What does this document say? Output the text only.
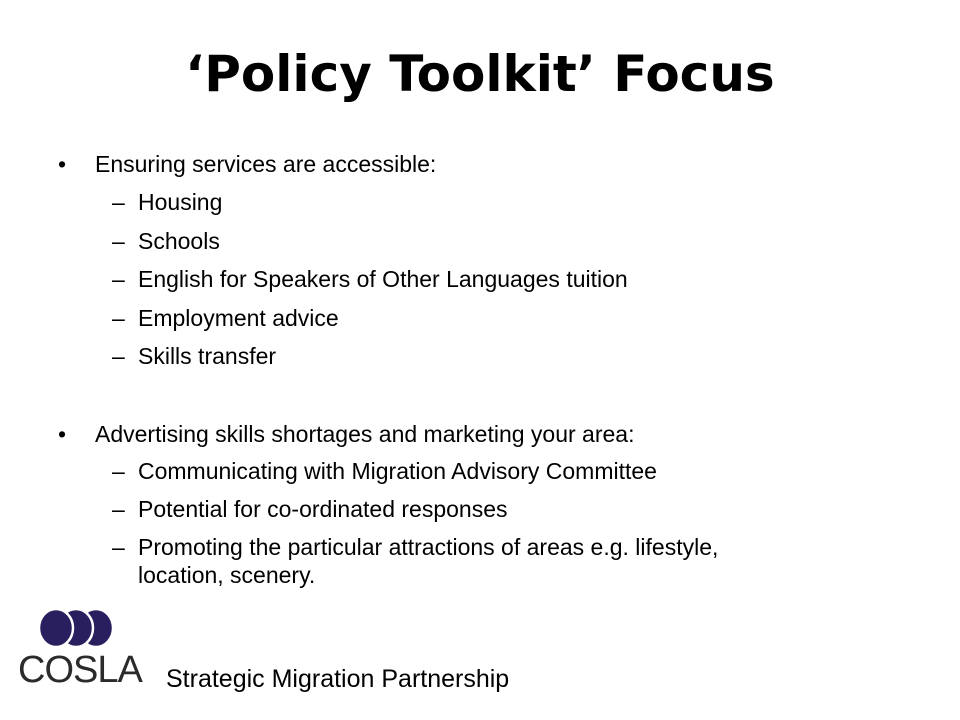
‘Policy Toolkit’ Focus
• Ensuring services are accessible:
– Housing
– Schools
– English for Speakers of Other Languages tuition
– Employment advice
– Skills transfer
• Advertising skills shortages and marketing your area:
– Communicating with Migration Advisory Committee
– Potential for co-ordinated responses
– Promoting the particular attractions of areas e.g. lifestyle,
location, scenery.
COSLA Strategic Migration Partnership
